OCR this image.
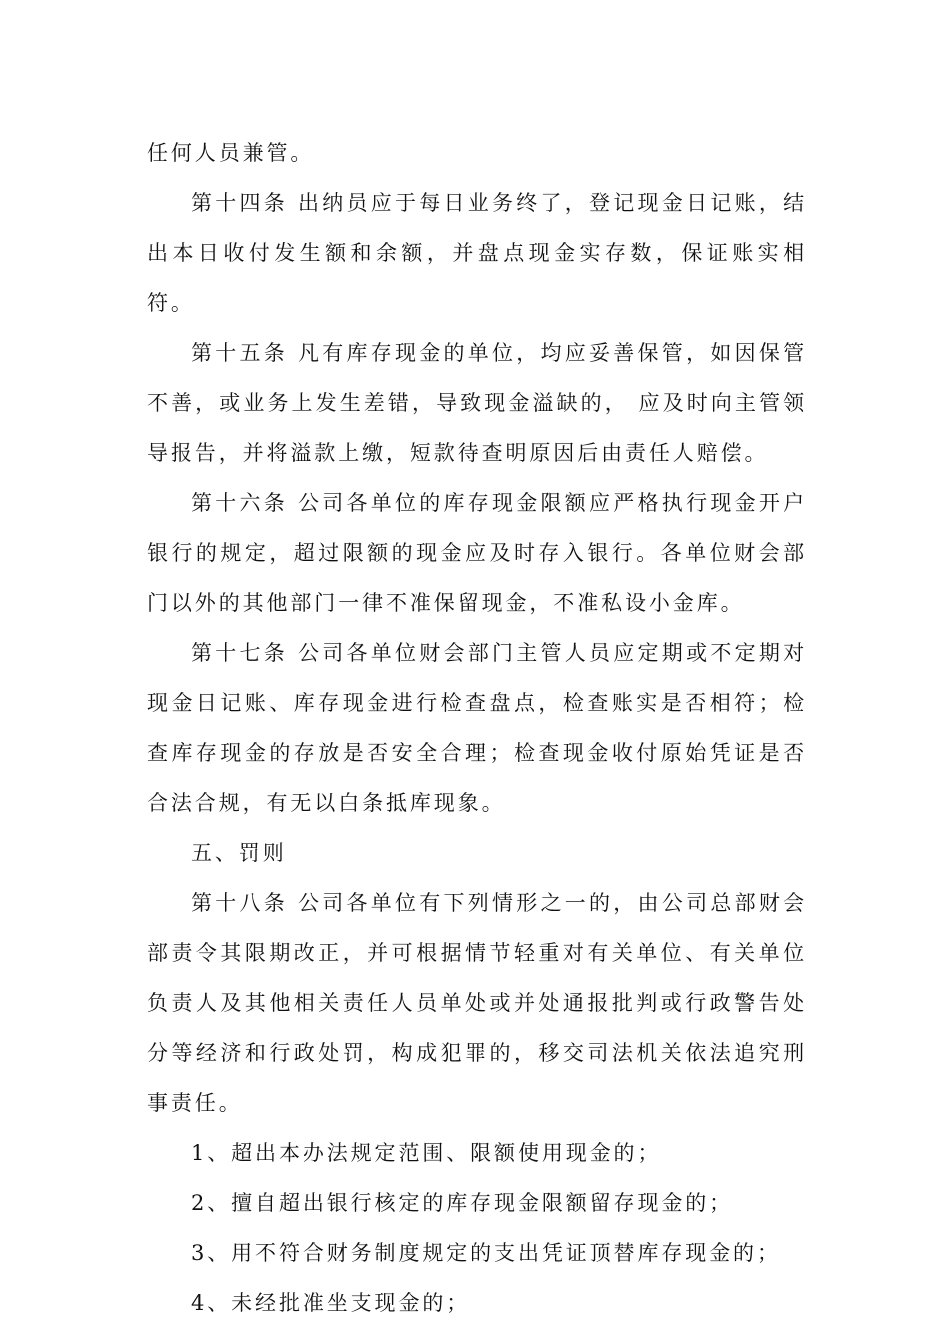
任何人员兼管。

第十四条 出纳员应于每日业务终了，登记现金日记账，结出本日收付发生额和余额，并盘点现金实存数，保证账实相符。

第十五条 凡有库存现金的单位，均应妥善保管，如因保管不善，或业务上发生差错，导致现金溢缺的， 应及时向主管领导报告，并将溢款上缴，短款待查明原因后由责任人赔偿。

第十六条 公司各单位的库存现金限额应严格执行现金开户银行的规定，超过限额的现金应及时存入银行。各单位财会部门以外的其他部门一律不准保留现金，不准私设小金库。

第十七条 公司各单位财会部门主管人员应定期或不定期对现金日记账、库存现金进行检查盘点，检查账实是否相符；检查库存现金的存放是否安全合理；检查现金收付原始凭证是否合法合规，有无以白条抵库现象。

五、罚则

第十八条 公司各单位有下列情形之一的，由公司总部财会部责令其限期改正，并可根据情节轻重对有关单位、有关单位负责人及其他相关责任人员单处或并处通报批判或行政警告处分等经济和行政处罚，构成犯罪的，移交司法机关依法追究刑事责任。

1、超出本办法规定范围、限额使用现金的；

2、擅自超出银行核定的库存现金限额留存现金的；

3、用不符合财务制度规定的支出凭证顶替库存现金的；

4、未经批准坐支现金的；
